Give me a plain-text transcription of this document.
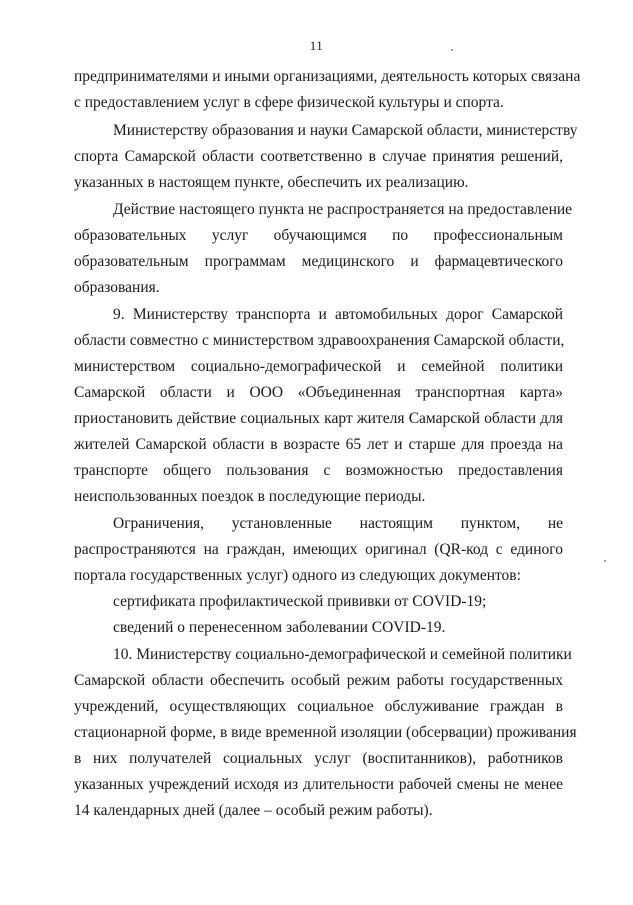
11
предпринимателями и иными организациями, деятельность которых связана
с предоставлением услуг в сфере физической культуры и спорта.
Министерству образования и науки Самарской области, министерству
спорта Самарской области соответственно в случае принятия решений,
указанных в настоящем пункте, обеспечить их реализацию.
Действие настоящего пункта не распространяется на предоставление
образовательных услуг обучающимся по профессиональным
образовательным программам медицинского и фармацевтического
образования.
9. Министерству транспорта и автомобильных дорог Самарской
области совместно с министерством здравоохранения Самарской области,
министерством социально-демографической и семейной политики
Самарской области и ООО «Объединенная транспортная карта»
приостановить действие социальных карт жителя Самарской области для
жителей Самарской области в возрасте 65 лет и старше для проезда на
транспорте общего пользования с возможностью предоставления
неиспользованных поездок в последующие периоды.
Ограничения, установленные настоящим пунктом, не
распространяются на граждан, имеющих оригинал (QR-код с единого
портала государственных услуг) одного из следующих документов:
сертификата профилактической прививки от COVID-19;
сведений о перенесенном заболевании COVID-19.
10. Министерству социально-демографической и семейной политики
Самарской области обеспечить особый режим работы государственных
учреждений, осуществляющих социальное обслуживание граждан в
стационарной форме, в виде временной изоляции (обсервации) проживания
в них получателей социальных услуг (воспитанников), работников
указанных учреждений исходя из длительности рабочей смены не менее
14 календарных дней (далее – особый режим работы).
